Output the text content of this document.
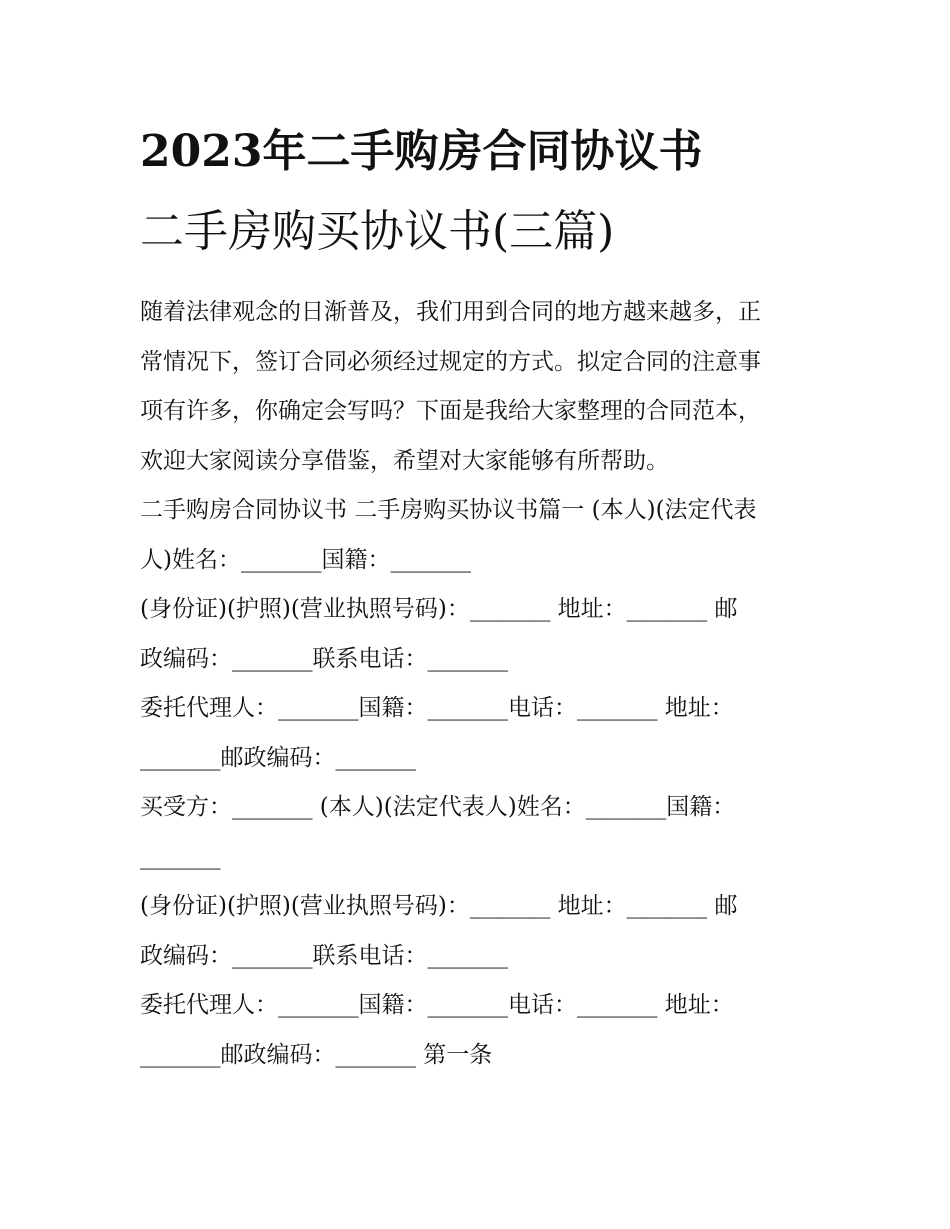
2023年二手购房合同协议书
二手房购买协议书(三篇)

随着法律观念的日渐普及，我们用到合同的地方越来越多，正

常情况下，签订合同必须经过规定的方式。拟定合同的注意事

项有许多，你确定会写吗？下面是我给大家整理的合同范本，

欢迎大家阅读分享借鉴，希望对大家能够有所帮助。

二手购房合同协议书 二手房购买协议书篇一 (本人)(法定代表

人)姓名：_______国籍：_______

(身份证)(护照)(营业执照号码)：_______ 地址：_______ 邮

政编码：_______联系电话：_______

委托代理人：_______国籍：_______电话：_______ 地址：

_______邮政编码：_______

买受方：_______ (本人)(法定代表人)姓名：_______国籍：

_______

(身份证)(护照)(营业执照号码)：_______ 地址：_______ 邮

政编码：_______联系电话：_______

委托代理人：_______国籍：_______电话：_______ 地址：

_______邮政编码：_______ 第一条
